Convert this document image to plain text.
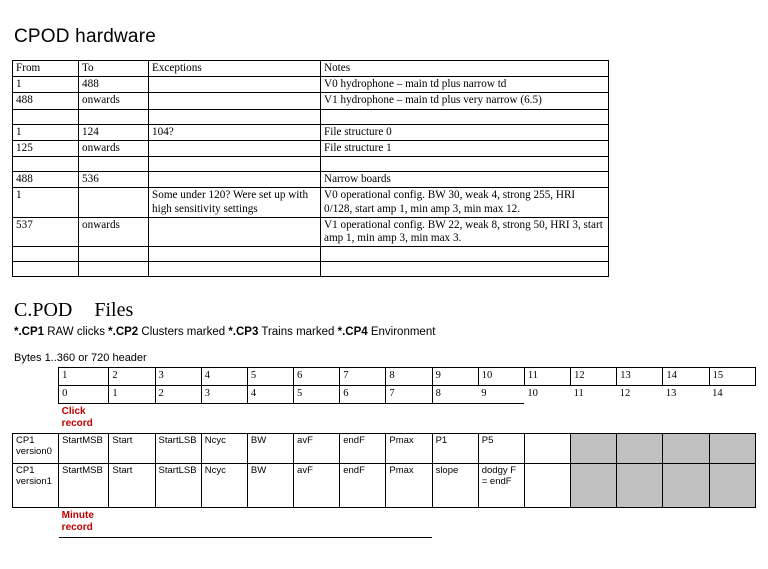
CPOD hardware
From	To	Exceptions	Notes
1	488		V0 hydrophone – main td plus narrow td
488	onwards		V1 hydrophone – main td plus very narrow (6.5)

1	124	104?	File structure 0
125	onwards		File structure 1

488	536		Narrow boards
1		Some under 120? Were set up with high sensitivity settings	V0 operational config. BW 30, weak 4, strong 255, HRI 0/128, start amp 1, min amp 3, min max 12.
537	onwards		V1 operational config. BW 22, weak 8, strong 50, HRI 3, start amp 1, min amp 3, min max 3.

C.POD Files
*.CP1 RAW clicks *.CP2 Clusters marked *.CP3 Trains marked *.CP4 Environment
Bytes 1..360 or 720 header
	1	2	3	4	5	6	7	8	9	10	11	12	13	14	15
	0	1	2	3	4	5	6	7	8	9	10	11	12	13	14
	Click record														
CP1 version0	StartMSB	Start	StartLSB	Ncyc	BW	avF	endF	Pmax	P1	P5					
CP1 version1	StartMSB	Start	StartLSB	Ncyc	BW	avF	endF	Pmax	slope	dodgy F = endF					
	Minute record														
